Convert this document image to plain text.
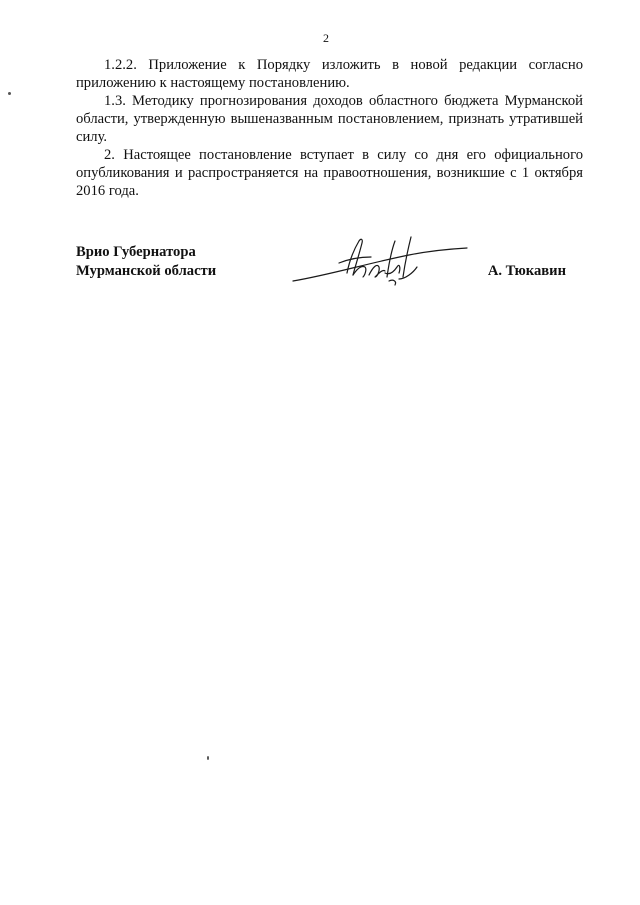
2

1.2.2. Приложение к Порядку изложить в новой редакции согласно приложению к настоящему постановлению.

1.3. Методику прогнозирования доходов областного бюджета Мурманской области, утвержденную вышеназванным постановлением, признать утратившей силу.

2. Настоящее постановление вступает в силу со дня его официального опубликования и распространяется на правоотношения, возникшие с 1 октября 2016 года.

Врио Губернатора
Мурманской области	А. Тюкавин
